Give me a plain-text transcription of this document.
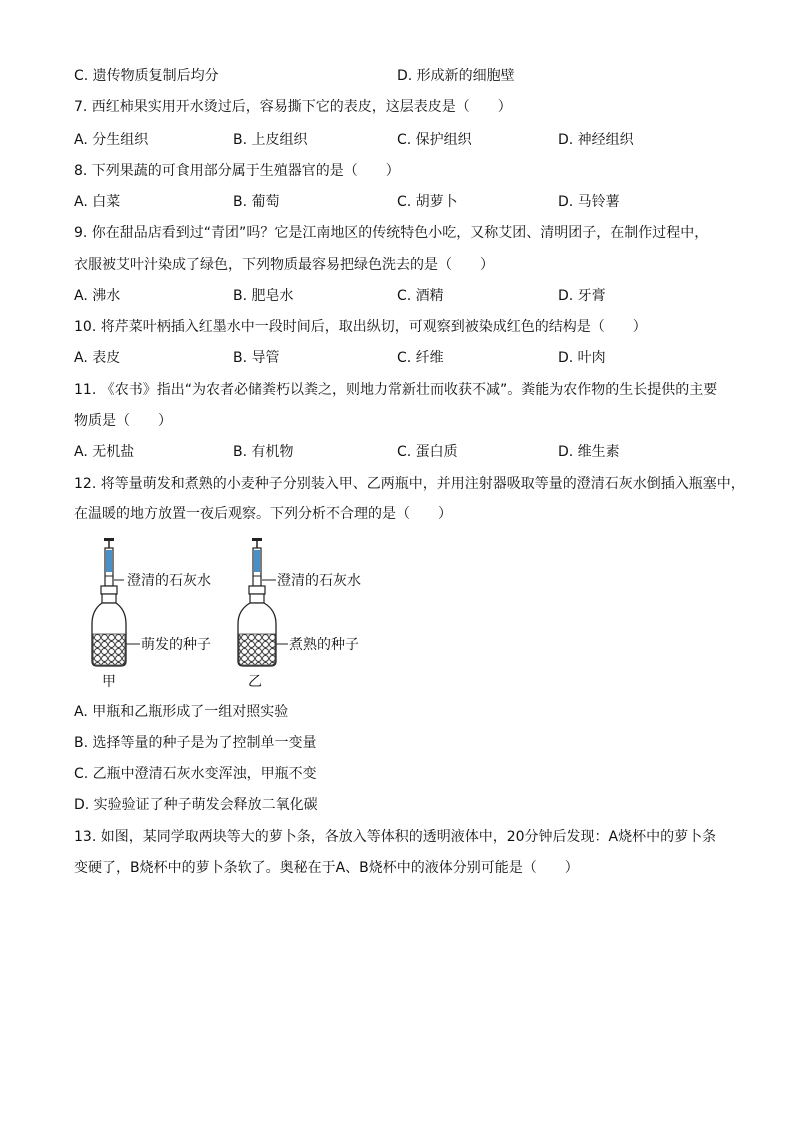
C. 遗传物质复制后均分	D. 形成新的细胞壁
7. 西红柿果实用开水烫过后，容易撕下它的表皮，这层表皮是（　　）
A. 分生组织	B. 上皮组织	C. 保护组织	D. 神经组织
8. 下列果蔬的可食用部分属于生殖器官的是（　　）
A. 白菜	B. 葡萄	C. 胡萝卜	D. 马铃薯
9. 你在甜品店看到过“青团”吗？它是江南地区的传统特色小吃，又称艾团、清明团子，在制作过程中，
衣服被艾叶汁染成了绿色，下列物质最容易把绿色洗去的是（　　）
A. 沸水	B. 肥皂水	C. 酒精	D. 牙膏
10. 将芹菜叶柄插入红墨水中一段时间后，取出纵切，可观察到被染成红色的结构是（　　）
A. 表皮	B. 导管	C. 纤维	D. 叶肉
11. 《农书》指出“为农者必储粪朽以粪之，则地力常新壮而收获不减”。粪能为农作物的生长提供的主要
物质是（　　）
A. 无机盐	B. 有机物	C. 蛋白质	D. 维生素
12. 将等量萌发和煮熟的小麦种子分别装入甲、乙两瓶中，并用注射器吸取等量的澄清石灰水倒插入瓶塞中，
在温暖的地方放置一夜后观察。下列分析不合理的是（　　）
澄清的石灰水
萌发的种子
甲
澄清的石灰水
煮熟的种子
乙
A. 甲瓶和乙瓶形成了一组对照实验
B. 选择等量的种子是为了控制单一变量
C. 乙瓶中澄清石灰水变浑浊，甲瓶不变
D. 实验验证了种子萌发会释放二氧化碳
13. 如图，某同学取两块等大的萝卜条，各放入等体积的透明液体中，20分钟后发现：A烧杯中的萝卜条
变硬了，B烧杯中的萝卜条软了。奥秘在于A、B烧杯中的液体分别可能是（　　）
